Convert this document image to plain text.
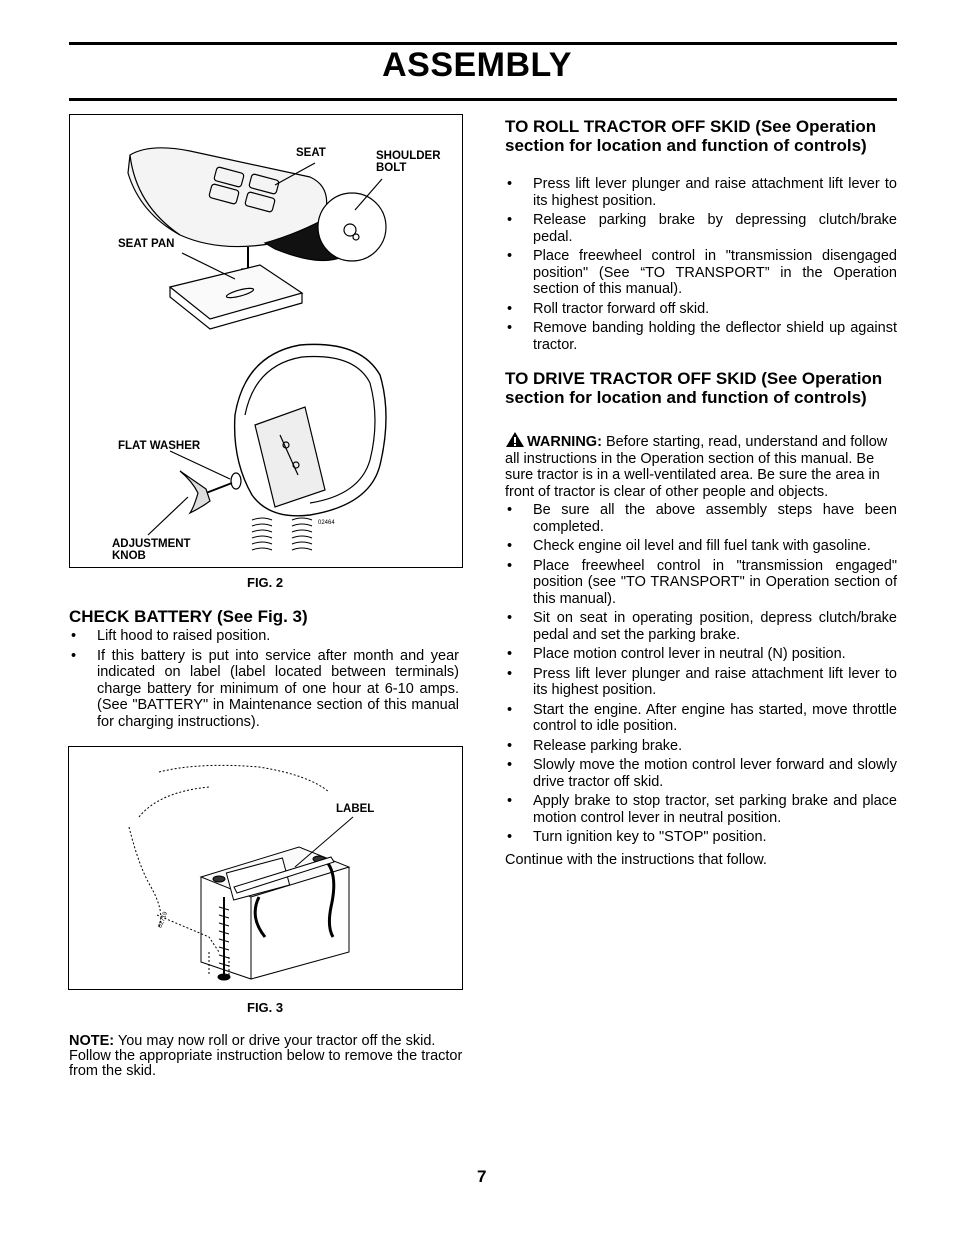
ASSEMBLY
SEAT	SHOULDER BOLT
SEAT PAN
FLAT WASHER
ADJUSTMENT KNOB
02464
FIG. 2
CHECK BATTERY (See Fig. 3)
• Lift hood to raised position.
• If this battery is put into service after month and year indicated on label (label located between terminals) charge battery for minimum of one hour at 6-10 amps. (See "BATTERY" in Maintenance section of this manual for charging instructions).
LABEL
02719
FIG. 3
NOTE: You may now roll or drive your tractor off the skid. Follow the appropriate instruction below to remove the tractor from the skid.
TO ROLL TRACTOR OFF SKID (See Operation section for location and function of controls)
• Press lift lever plunger and raise attachment lift lever to its highest position.
• Release parking brake by depressing clutch/brake pedal.
• Place freewheel control in "transmission disengaged position" (See “TO TRANSPORT” in the Operation section of this manual).
• Roll tractor forward off skid.
• Remove banding holding the deflector shield up against tractor.
TO DRIVE TRACTOR OFF SKID (See Operation section for location and function of controls)
WARNING: Before starting, read, understand and follow all instructions in the Operation section of this manual. Be sure tractor is in a well-ventilated area. Be sure the area in front of tractor is clear of other people and objects.
• Be sure all the above assembly steps have been completed.
• Check engine oil level and fill fuel tank with gasoline.
• Place freewheel control in "transmission engaged" position (see "TO TRANSPORT" in Operation section of this manual).
• Sit on seat in operating position, depress clutch/brake pedal and set the parking brake.
• Place motion control lever in neutral (N) position.
• Press lift lever plunger and raise attachment lift lever to its highest position.
• Start the engine. After engine has started, move throttle control to idle position.
• Release parking brake.
• Slowly move the motion control lever forward and slowly drive tractor off skid.
• Apply brake to stop tractor, set parking brake and place motion control lever in neutral position.
• Turn ignition key to "STOP" position.
Continue with the instructions that follow.
7
